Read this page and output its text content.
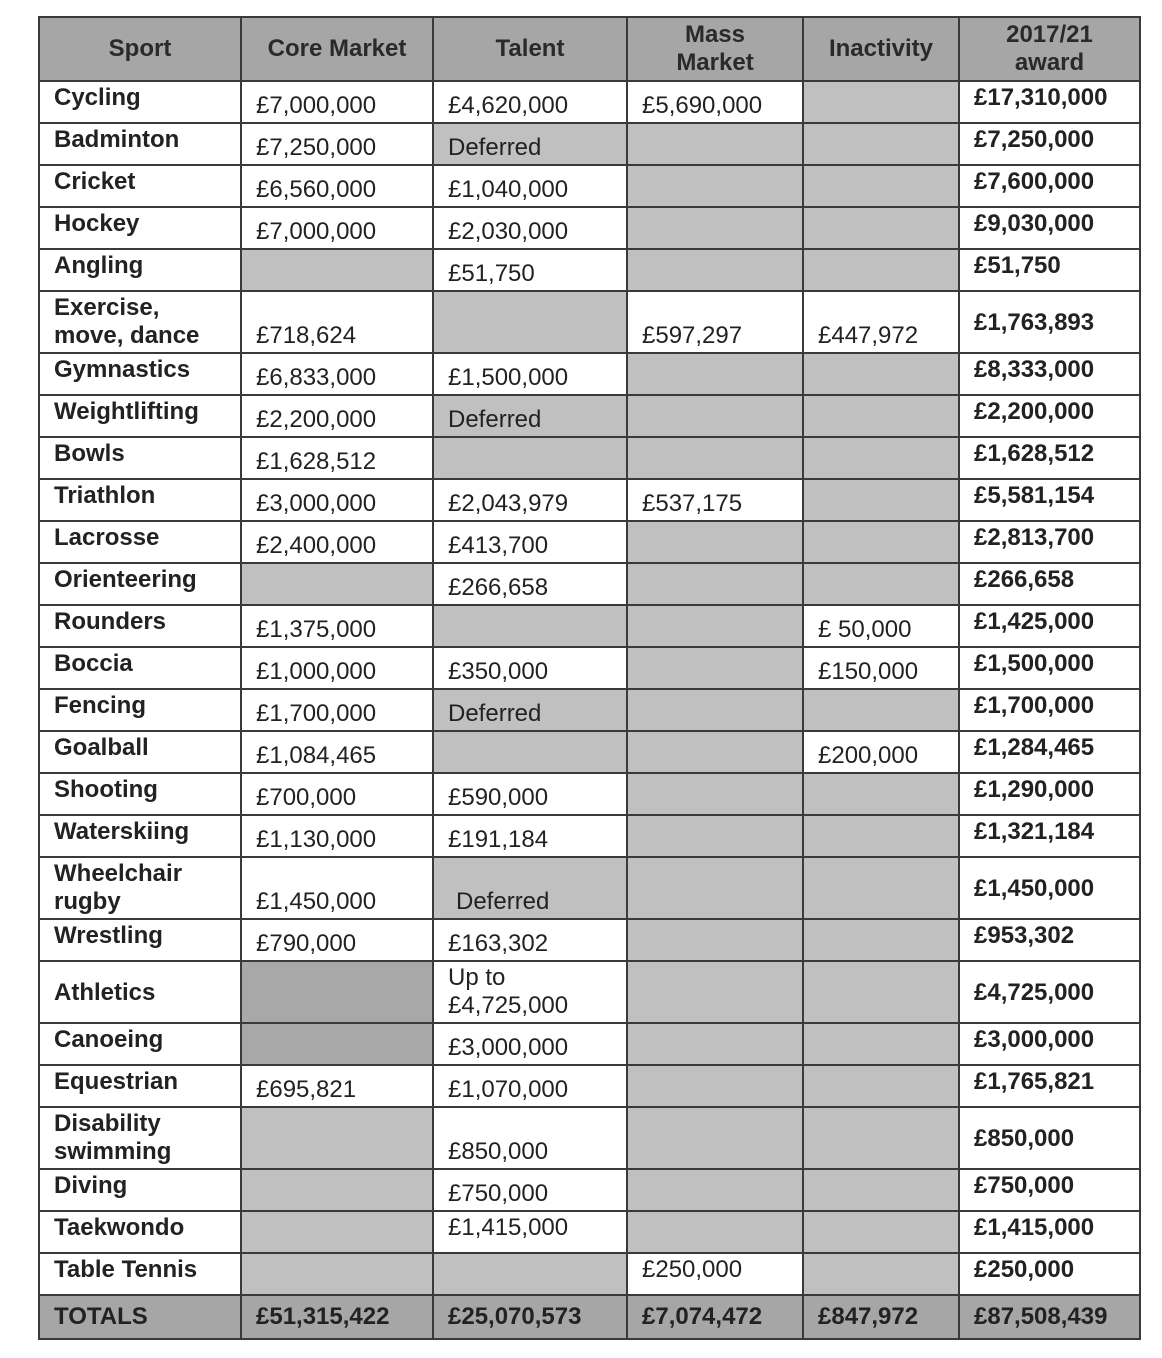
Sport	Core Market	Talent	Mass Market	Inactivity	2017/21 award
Cycling	£7,000,000	£4,620,000	£5,690,000		£17,310,000
Badminton	£7,250,000	Deferred			£7,250,000
Cricket	£6,560,000	£1,040,000			£7,600,000
Hockey	£7,000,000	£2,030,000			£9,030,000
Angling		£51,750			£51,750
Exercise, move, dance	£718,624		£597,297	£447,972	£1,763,893
Gymnastics	£6,833,000	£1,500,000			£8,333,000
Weightlifting	£2,200,000	Deferred			£2,200,000
Bowls	£1,628,512				£1,628,512
Triathlon	£3,000,000	£2,043,979	£537,175		£5,581,154
Lacrosse	£2,400,000	£413,700			£2,813,700
Orienteering		£266,658			£266,658
Rounders	£1,375,000			£ 50,000	£1,425,000
Boccia	£1,000,000	£350,000		£150,000	£1,500,000
Fencing	£1,700,000	Deferred			£1,700,000
Goalball	£1,084,465			£200,000	£1,284,465
Shooting	£700,000	£590,000			£1,290,000
Waterskiing	£1,130,000	£191,184			£1,321,184
Wheelchair rugby	£1,450,000	Deferred			£1,450,000
Wrestling	£790,000	£163,302			£953,302
Athletics		Up to £4,725,000			£4,725,000
Canoeing		£3,000,000			£3,000,000
Equestrian	£695,821	£1,070,000			£1,765,821
Disability swimming		£850,000			£850,000
Diving		£750,000			£750,000
Taekwondo		£1,415,000			£1,415,000
Table Tennis			£250,000		£250,000
TOTALS	£51,315,422	£25,070,573	£7,074,472	£847,972	£87,508,439
